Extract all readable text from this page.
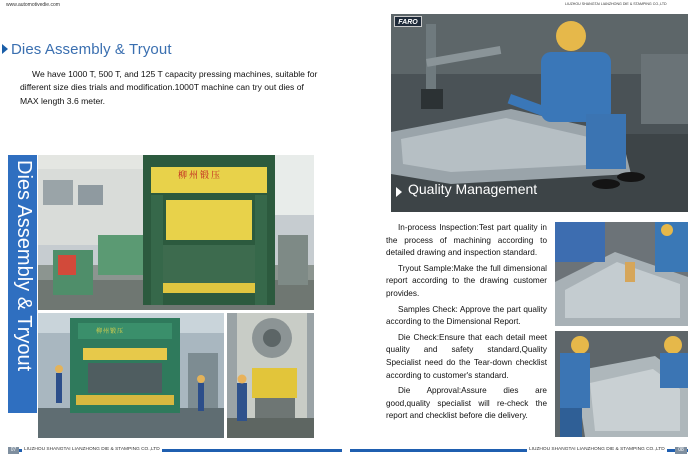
www.automotivedie.com	LIUZHOU SHANGTAI LIANZHONG DIE & STAMPING CO.,LTD
Dies Assembly & Tryout
We have 1000 T, 500 T, and 125 T capacity pressing machines, suitable for different size dies trials and modification.1000T machine can try out dies of MAX length 3.6 meter.
Dies Assembly & Tryout	柳州锻压
柳州锻压
07	LIUZHOU SHANGTAI LIANZHONG DIE & STAMPING CO.,LTD
FARO
Quality Management

In-process Inspection:Test part quality in the process of machining according to detailed drawing and inspection standard.

Tryout Sample:Make the full dimensional report according to the drawing customer provides.

Samples Check: Approve the part quality according to the Dimensional Report.

Die Check:Ensure that each detail meet quality and safety standard,Quality Specialist need do the Tear-down checklist according to customer's standard.

Die Approval:Assure dies are good,quality specialist will re-check the report and checklist before die delivery.

LIUZHOU SHANGTAI LIANZHONG DIE & STAMPING CO.,LTD	08
